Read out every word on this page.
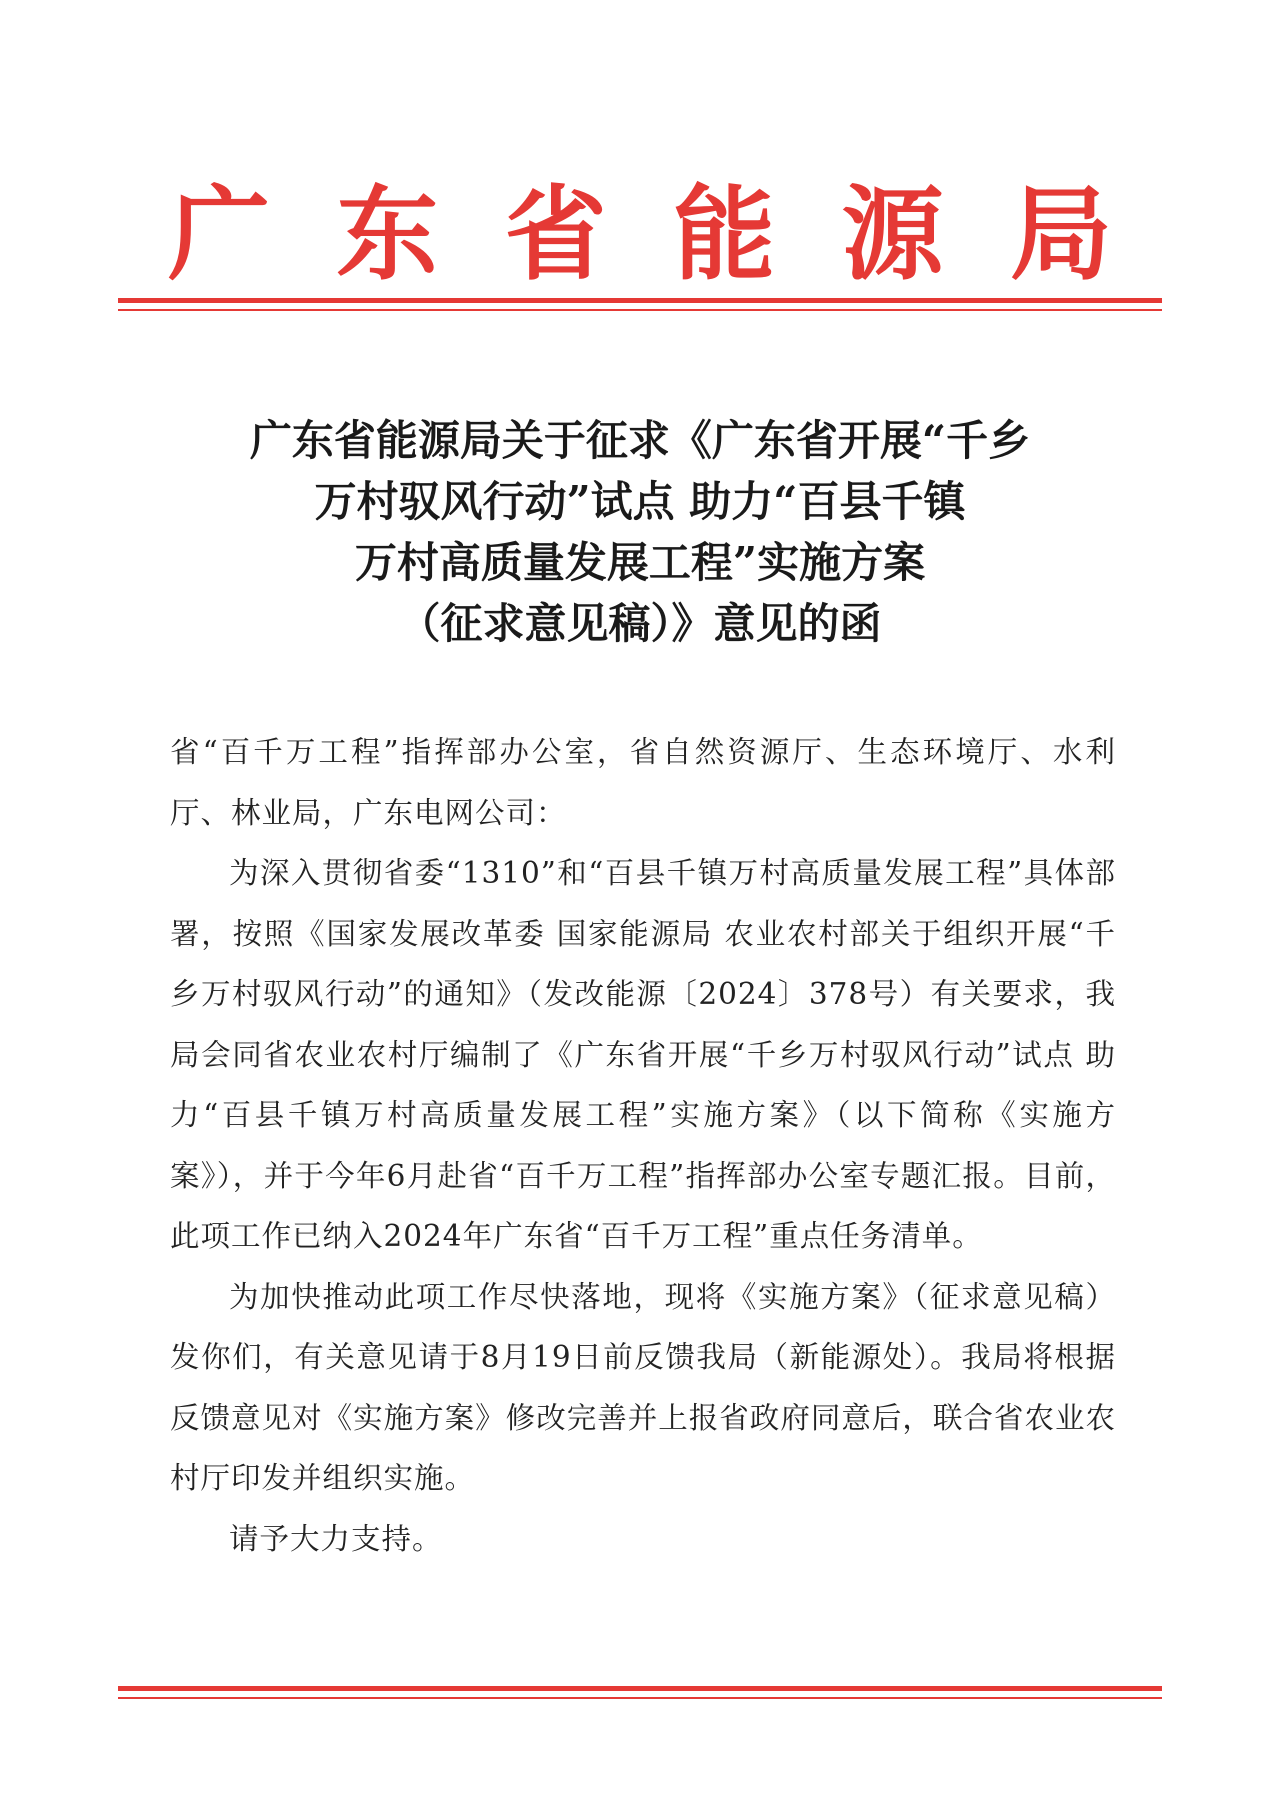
广 东 省 能 源 局
广东省能源局关于征求《广东省开展“千乡
万村驭风行动”试点 助力“百县千镇
万村高质量发展工程”实施方案
（征求意见稿）》意见的函

省“百千万工程”指挥部办公室，省自然资源厅、生态环境厅、水利厅、林业局，广东电网公司：

为深入贯彻省委“1310”和“百县千镇万村高质量发展工程”具体部署，按照《国家发展改革委 国家能源局 农业农村部关于组织开展“千乡万村驭风行动”的通知》（发改能源〔2024〕378号）有关要求，我局会同省农业农村厅编制了《广东省开展“千乡万村驭风行动”试点 助力“百县千镇万村高质量发展工程”实施方案》（以下简称《实施方案》），并于今年6月赴省“百千万工程”指挥部办公室专题汇报。目前，此项工作已纳入2024年广东省“百千万工程”重点任务清单。

为加快推动此项工作尽快落地，现将《实施方案》（征求意见稿）发你们，有关意见请于8月19日前反馈我局（新能源处）。我局将根据反馈意见对《实施方案》修改完善并上报省政府同意后，联合省农业农村厅印发并组织实施。

请予大力支持。
